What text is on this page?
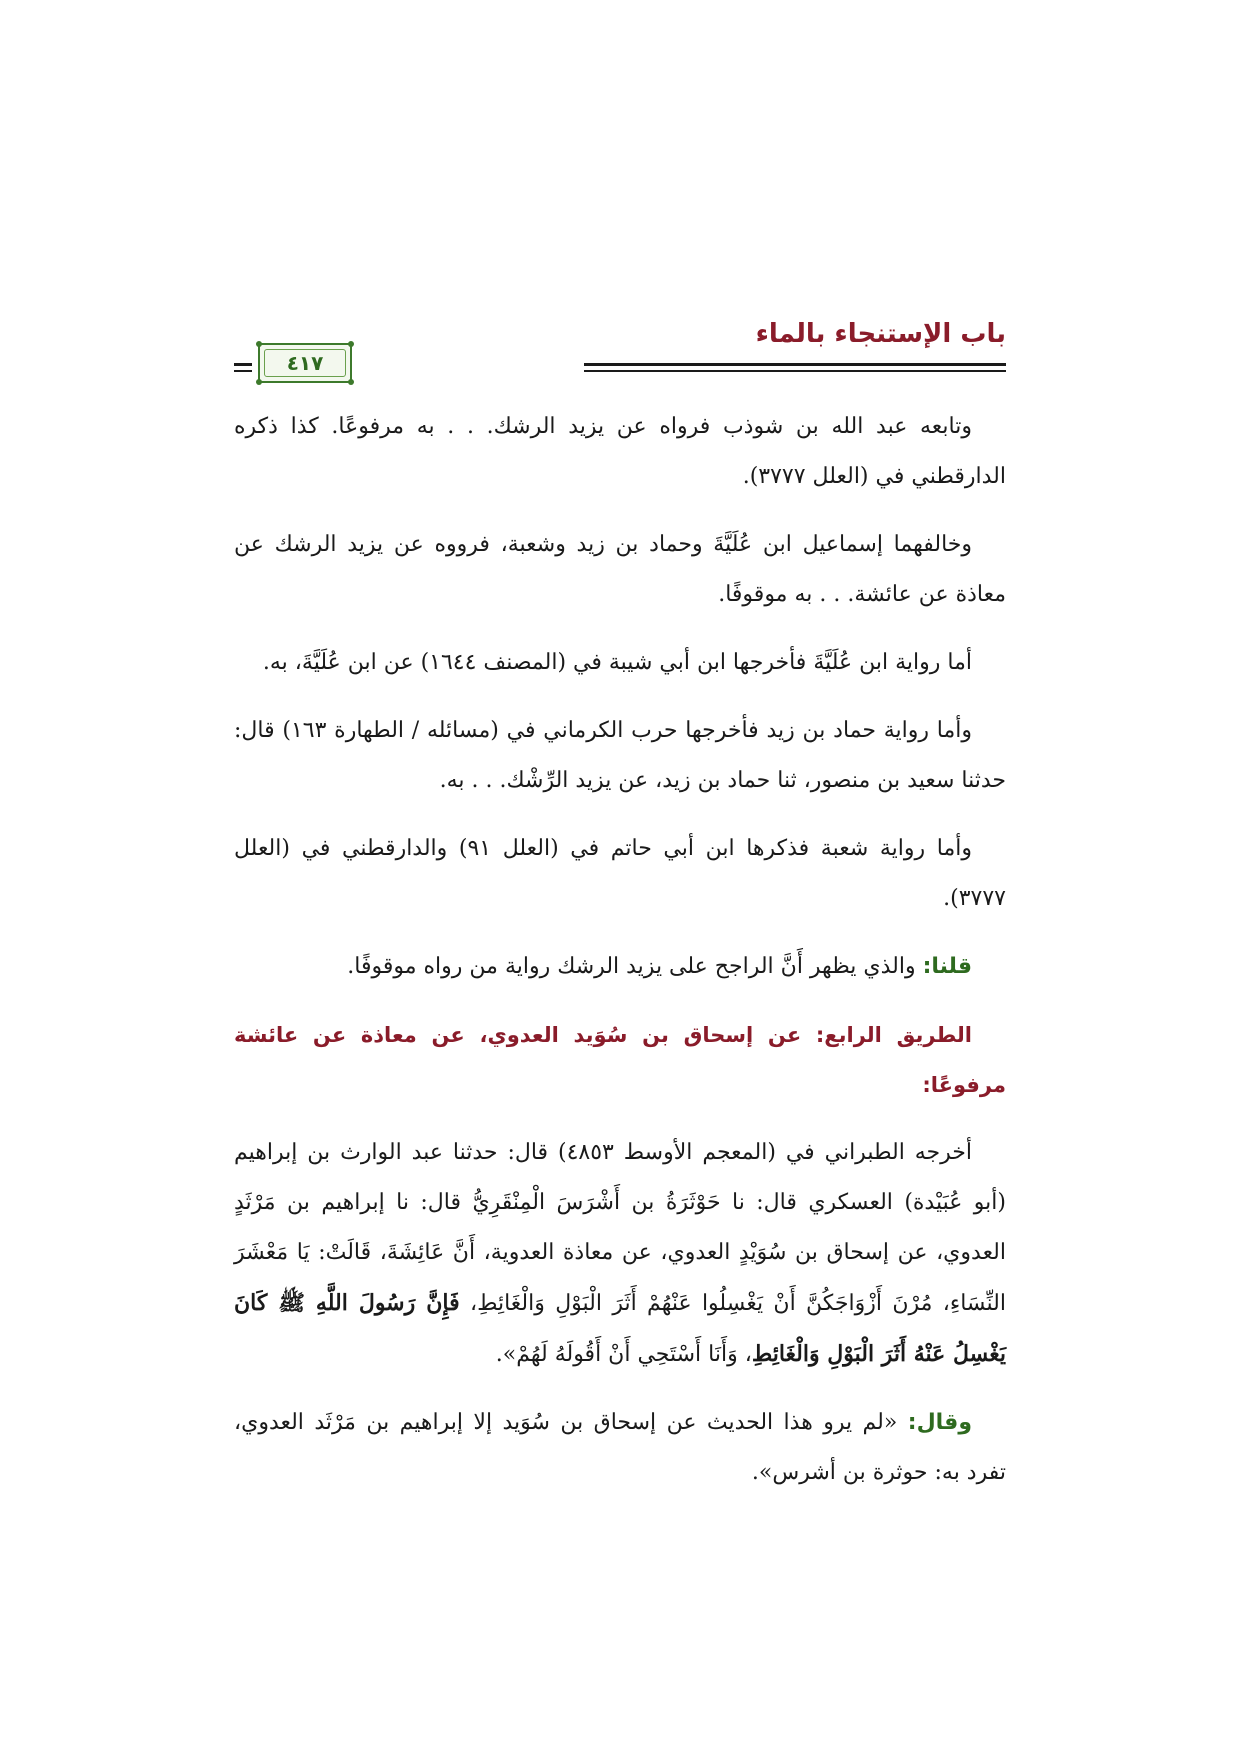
باب الإستنجاء بالماء
٤١٧

وتابعه عبد الله بن شوذب فرواه عن يزيد الرشك. . . به مرفوعًا. كذا ذكره الدارقطني في (العلل ٣٧٧٧).

وخالفهما إسماعيل ابن عُلَيَّةَ وحماد بن زيد وشعبة، فرووه عن يزيد الرشك عن معاذة عن عائشة. . . به موقوفًا.

أما رواية ابن عُلَيَّةَ فأخرجها ابن أبي شيبة في (المصنف ١٦٤٤) عن ابن عُلَيَّةَ، به.

وأما رواية حماد بن زيد فأخرجها حرب الكرماني في (مسائله / الطهارة ١٦٣) قال: حدثنا سعيد بن منصور، ثنا حماد بن زيد، عن يزيد الرِّشْك. . . به.

وأما رواية شعبة فذكرها ابن أبي حاتم في (العلل ٩١) والدارقطني في (العلل ٣٧٧٧).

قلنا: والذي يظهر أَنَّ الراجح على يزيد الرشك رواية من رواه موقوفًا.

الطريق الرابع: عن إسحاق بن سُوَيد العدوي، عن معاذة عن عائشة مرفوعًا:

أخرجه الطبراني في (المعجم الأوسط ٤٨٥٣) قال: حدثنا عبد الوارث بن إبراهيم (أبو عُبَيْدة) العسكري قال: نا حَوْثَرَةُ بن أَشْرَسَ الْمِنْقَرِيُّ قال: نا إبراهيم بن مَرْثَدٍ العدوي، عن إسحاق بن سُوَيْدٍ العدوي، عن معاذة العدوية، أَنَّ عَائِشَةَ، قَالَتْ: يَا مَعْشَرَ النِّسَاءِ، مُرْنَ أَزْوَاجَكُنَّ أَنْ يَغْسِلُوا عَنْهُمْ أَثَرَ الْبَوْلِ وَالْغَائِطِ، فَإِنَّ رَسُولَ اللَّهِ ﷺ كَانَ يَغْسِلُ عَنْهُ أَثَرَ الْبَوْلِ وَالْغَائِطِ، وَأَنَا أَسْتَحِي أَنْ أَقُولَهُ لَهُمْ».

وقال: «لم يرو هذا الحديث عن إسحاق بن سُوَيد إلا إبراهيم بن مَرْثَد العدوي، تفرد به: حوثرة بن أشرس».
